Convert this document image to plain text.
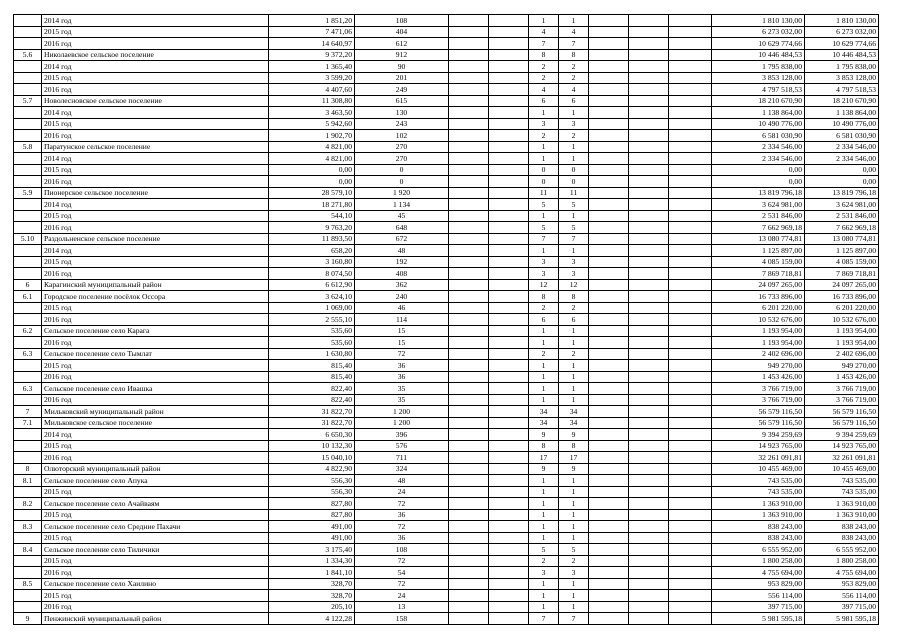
	2014 год	1 851,20	108			1	1				1 810 130,00	1 810 130,00
	2015 год	7 471,06	404			4	4				6 273 032,00	6 273 032,00
	2016 год	14 640,97	612			7	7				10 629 774,66	10 629 774,66
5.6	Николаевское сельское поселение	9 372,20	912			8	8				10 446 484,53	10 446 484,53
	2014 год	1 365,40	90			2	2				1 795 838,00	1 795 838,00
	2015 год	3 599,20	201			2	2				3 853 128,00	3 853 128,00
	2016 год	4 407,60	249			4	4				4 797 518,53	4 797 518,53
5.7	Новолесновское сельское поселение	11 308,80	615			6	6				18 210 670,90	18 210 670,90
	2014 год	3 463,50	130			1	1				1 138 864,00	1 138 864,00
	2015 год	5 942,60	243			3	3				10 490 776,00	10 490 776,00
	2016 год	1 902,70	102			2	2				6 581 030,90	6 581 030,90
5.8	Паратунское сельское поселение	4 821,00	270			1	1				2 334 546,00	2 334 546,00
	2014 год	4 821,00	270			1	1				2 334 546,00	2 334 546,00
	2015 год	0,00	0			0	0				0,00	0,00
	2016 год	0,00	0			0	0				0,00	0,00
5.9	Пионерское сельское поселение	28 579,10	1 920			11	11				13 819 796,18	13 819 796,18
	2014 год	18 271,80	1 134			5	5				3 624 981,00	3 624 981,00
	2015 год	544,10	45			1	1				2 531 846,00	2 531 846,00
	2016 год	9 763,20	648			5	5				7 662 969,18	7 662 969,18
5.10	Раздольненское сельское поселение	11 893,50	672			7	7				13 080 774,81	13 080 774,81
	2014 год	658,20	48			1	1				1 125 897,00	1 125 897,00
	2015 год	3 160,80	192			3	3				4 085 159,00	4 085 159,00
	2016 год	8 074,50	408			3	3				7 869 718,81	7 869 718,81
6	Карагинский муниципальный район	6 612,90	362			12	12				24 097 265,00	24 097 265,00
6.1	Городское поселение посёлок Оссора	3 624,10	240			8	8				16 733 896,00	16 733 896,00
	2015 год	1 069,00	46			2	2				6 201 220,00	6 201 220,00
	2016 год	2 555,10	114			6	6				10 532 676,00	10 532 676,00
6.2	Сельское поселение село Карага	535,60	15			1	1				1 193 954,00	1 193 954,00
	2016 год	535,60	15			1	1				1 193 954,00	1 193 954,00
6.3	Сельское поселение село Тымлат	1 630,80	72			2	2				2 402 696,00	2 402 696,00
	2015 год	815,40	36			1	1				949 270,00	949 270,00
	2016 год	815,40	36			1	1				1 453 426,00	1 453 426,00
6.3	Сельское поселение село Ивашка	822,40	35			1	1				3 766 719,00	3 766 719,00
	2016 год	822,40	35			1	1				3 766 719,00	3 766 719,00
7	Мильковский муниципальный район	31 822,70	1 200			34	34				56 579 116,50	56 579 116,50
7.1	Мильковское сельское поселение	31 822,70	1 200			34	34				56 579 116,50	56 579 116,50
	2014 год	6 650,30	396			9	9				9 394 259,69	9 394 259,69
	2015 год	10 132,30	576			8	8				14 923 765,00	14 923 765,00
	2016 год	15 040,10	711			17	17				32 261 091,81	32 261 091,81
8	Олюторский муниципальный район	4 822,90	324			9	9				10 455 469,00	10 455 469,00
8.1	Сельское поселение село Апука	556,30	48			1	1				743 535,00	743 535,00
	2015 год	556,30	24			1	1				743 535,00	743 535,00
8.2	Сельское поселение село Ачайваям	827,80	72			1	1				1 363 910,00	1 363 910,00
	2015 год	827,80	36			1	1				1 363 910,00	1 363 910,00
8.3	Сельское поселение село Средние Пахачи	491,00	72			1	1				838 243,00	838 243,00
	2015 год	491,00	36			1	1				838 243,00	838 243,00
8.4	Сельское поселение село Тиличики	3 175,40	108			5	5				6 555 952,00	6 555 952,00
	2015 год	1 334,30	72			2	2				1 800 258,00	1 800 258,00
	2016 год	1 841,10	54			3	3				4 755 694,00	4 755 694,00
8.5	Сельское поселение село Хаилино	328,70	72			1	1				953 829,00	953 829,00
	2015 год	328,70	24			1	1				556 114,00	556 114,00
	2016 год	205,10	13			1	1				397 715,00	397 715,00
9	Пенжинский муниципальный район	4 122,28	158			7	7				5 981 595,18	5 981 595,18
